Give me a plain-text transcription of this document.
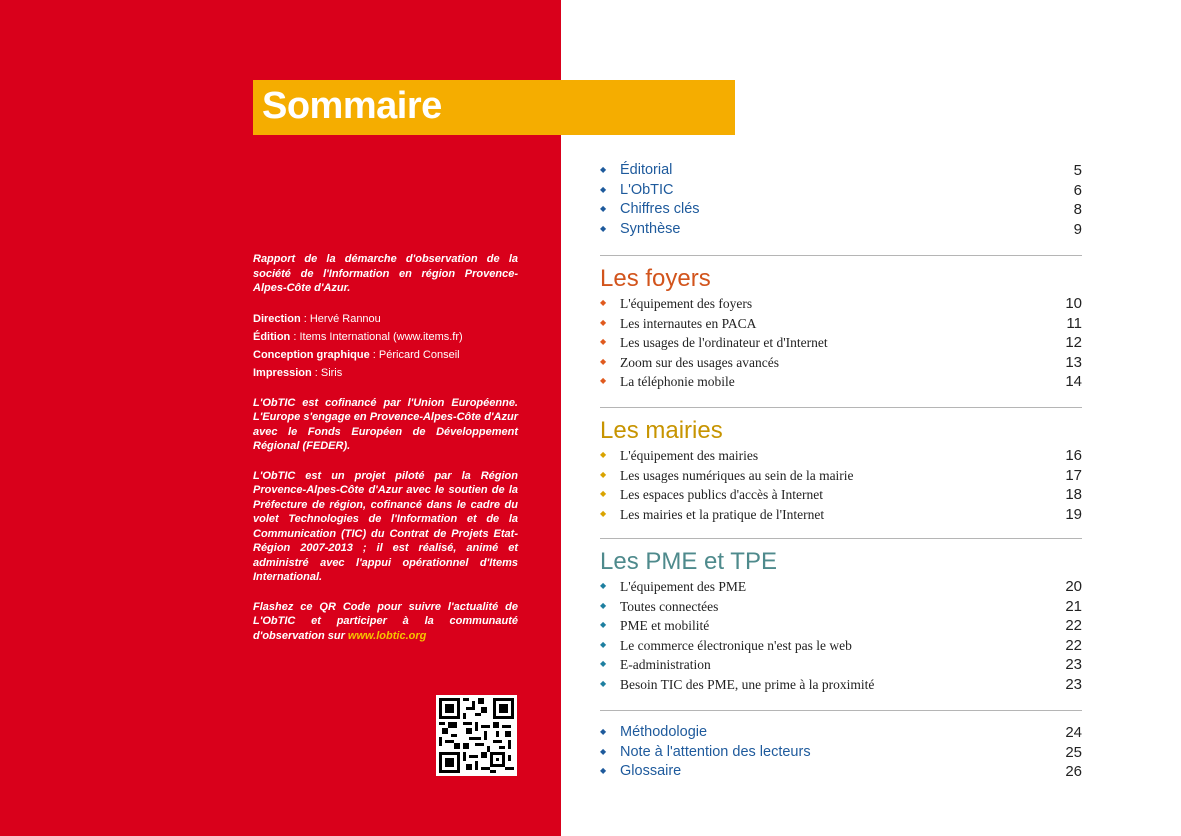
Sommaire

Rapport de la démarche d'observation de la société de l'Information en région Provence-Alpes-Côte d'Azur.

Direction : Hervé Rannou
Édition : Items International (www.items.fr)
Conception graphique : Péricard Conseil
Impression : Siris

L'ObTIC est cofinancé par l'Union Européenne. L'Europe s'engage en Provence-Alpes-Côte d'Azur avec le Fonds Européen de Développement Régional (FEDER).

L'ObTIC est un projet piloté par la Région Provence-Alpes-Côte d'Azur avec le soutien de la Préfecture de région, cofinancé dans le cadre du volet Technologies de l'Information et de la Communication (TIC) du Contrat de Projets Etat-Région 2007-2013 ; il est réalisé, animé et administré avec l'appui opérationnel d'Items International.

Flashez ce QR Code pour suivre l'actualité de L'ObTIC et participer à la communauté d'observation sur www.lobtic.org

◆ Éditorial	5
◆ L'ObTIC	6
◆ Chiffres clés	8
◆ Synthèse	9
Les foyers
◆ L'équipement des foyers	10
◆ Les internautes en PACA	11
◆ Les usages de l'ordinateur et d'Internet	12
◆ Zoom sur des usages avancés	13
◆ La téléphonie mobile	14
Les mairies
◆ L'équipement des mairies	16
◆ Les usages numériques au sein de la mairie	17
◆ Les espaces publics d'accès à Internet	18
◆ Les mairies et la pratique de l'Internet	19
Les PME et TPE
◆ L'équipement des PME	20
◆ Toutes connectées	21
◆ PME et mobilité	22
◆ Le commerce électronique n'est pas le web	22
◆ E-administration	23
◆ Besoin TIC des PME, une prime à la proximité	23
◆ Méthodologie	24
◆ Note à l'attention des lecteurs	25
◆ Glossaire	26
